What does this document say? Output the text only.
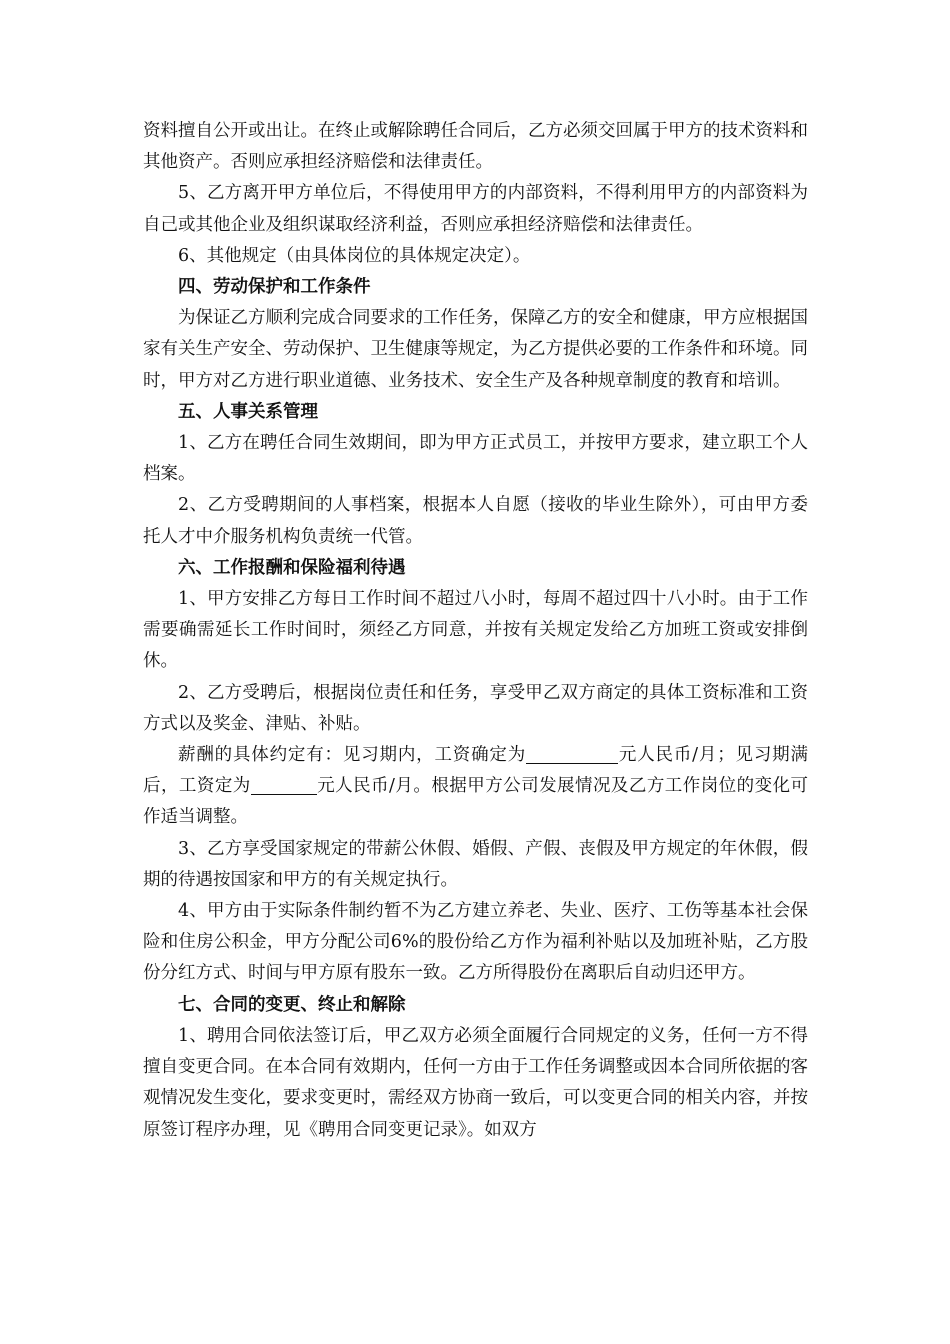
资料擅自公开或出让。在终止或解除聘任合同后，乙方必须交回属于甲方的技术资料和其他资产。否则应承担经济赔偿和法律责任。

5、乙方离开甲方单位后，不得使用甲方的内部资料，不得利用甲方的内部资料为自己或其他企业及组织谋取经济利益，否则应承担经济赔偿和法律责任。

6、其他规定（由具体岗位的具体规定决定）。

四、劳动保护和工作条件

为保证乙方顺利完成合同要求的工作任务，保障乙方的安全和健康，甲方应根据国家有关生产安全、劳动保护、卫生健康等规定，为乙方提供必要的工作条件和环境。同时，甲方对乙方进行职业道德、业务技术、安全生产及各种规章制度的教育和培训。

五、人事关系管理

1、乙方在聘任合同生效期间，即为甲方正式员工，并按甲方要求，建立职工个人档案。

2、乙方受聘期间的人事档案，根据本人自愿（接收的毕业生除外），可由甲方委托人才中介服务机构负责统一代管。

六、工作报酬和保险福利待遇

1、甲方安排乙方每日工作时间不超过八小时，每周不超过四十八小时。由于工作需要确需延长工作时间时，须经乙方同意，并按有关规定发给乙方加班工资或安排倒休。

2、乙方受聘后，根据岗位责任和任务，享受甲乙双方商定的具体工资标准和工资方式以及奖金、津贴、补贴。

薪酬的具体约定有：见习期内，工资确定为	元人民币/月；见习期满后，工资定为	元人民币/月。根据甲方公司发展情况及乙方工作岗位的变化可作适当调整。

3、乙方享受国家规定的带薪公休假、婚假、产假、丧假及甲方规定的年休假，假期的待遇按国家和甲方的有关规定执行。

4、甲方由于实际条件制约暂不为乙方建立养老、失业、医疗、工伤等基本社会保险和住房公积金，甲方分配公司6%的股份给乙方作为福利补贴以及加班补贴，乙方股份分红方式、时间与甲方原有股东一致。乙方所得股份在离职后自动归还甲方。

七、合同的变更、终止和解除

1、聘用合同依法签订后，甲乙双方必须全面履行合同规定的义务，任何一方不得擅自变更合同。在本合同有效期内，任何一方由于工作任务调整或因本合同所依据的客观情况发生变化，要求变更时，需经双方协商一致后，可以变更合同的相关内容，并按原签订程序办理，见《聘用合同变更记录》。如双方
